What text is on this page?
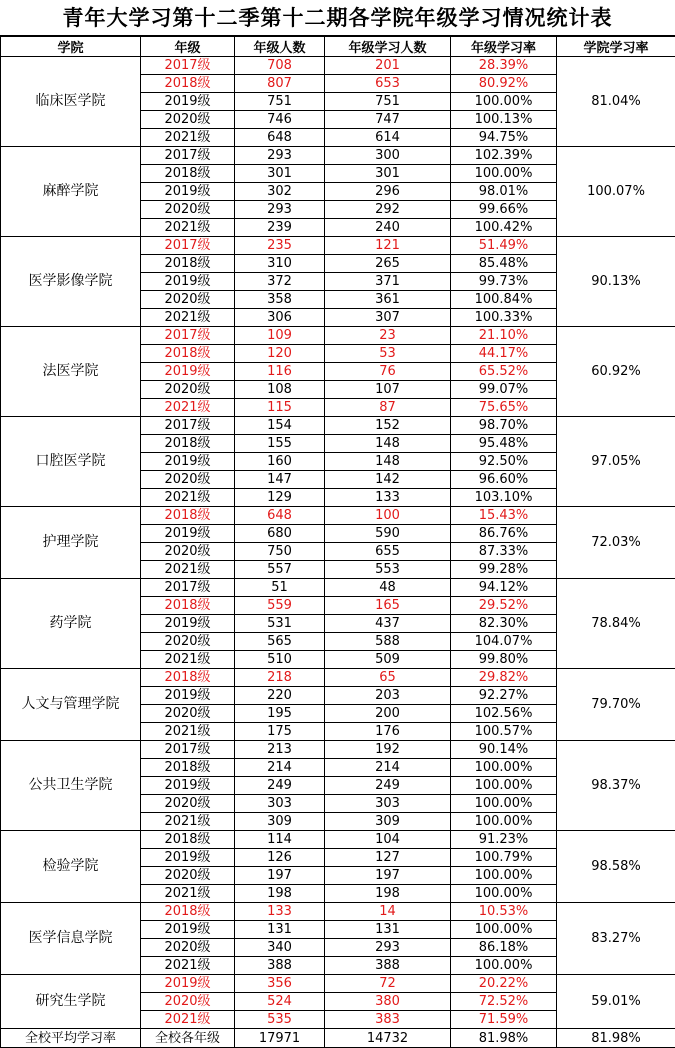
青年大学习第十二季第十二期各学院年级学习情况统计表
学院	年级	年级人数	年级学习人数	年级学习率	学院学习率
临床医学院	2017级	708	201	28.39%	81.04%
	2018级	807	653	80.92%	
	2019级	751	751	100.00%	
	2020级	746	747	100.13%	
	2021级	648	614	94.75%	
麻醉学院	2017级	293	300	102.39%	100.07%
	2018级	301	301	100.00%	
	2019级	302	296	98.01%	
	2020级	293	292	99.66%	
	2021级	239	240	100.42%	
医学影像学院	2017级	235	121	51.49%	90.13%
	2018级	310	265	85.48%	
	2019级	372	371	99.73%	
	2020级	358	361	100.84%	
	2021级	306	307	100.33%	
法医学院	2017级	109	23	21.10%	60.92%
	2018级	120	53	44.17%	
	2019级	116	76	65.52%	
	2020级	108	107	99.07%	
	2021级	115	87	75.65%	
口腔医学院	2017级	154	152	98.70%	97.05%
	2018级	155	148	95.48%	
	2019级	160	148	92.50%	
	2020级	147	142	96.60%	
	2021级	129	133	103.10%	
护理学院	2018级	648	100	15.43%	72.03%
	2019级	680	590	86.76%	
	2020级	750	655	87.33%	
	2021级	557	553	99.28%	
药学院	2017级	51	48	94.12%	78.84%
	2018级	559	165	29.52%	
	2019级	531	437	82.30%	
	2020级	565	588	104.07%	
	2021级	510	509	99.80%	
人文与管理学院	2018级	218	65	29.82%	79.70%
	2019级	220	203	92.27%	
	2020级	195	200	102.56%	
	2021级	175	176	100.57%	
公共卫生学院	2017级	213	192	90.14%	98.37%
	2018级	214	214	100.00%	
	2019级	249	249	100.00%	
	2020级	303	303	100.00%	
	2021级	309	309	100.00%	
检验学院	2018级	114	104	91.23%	98.58%
	2019级	126	127	100.79%	
	2020级	197	197	100.00%	
	2021级	198	198	100.00%	
医学信息学院	2018级	133	14	10.53%	83.27%
	2019级	131	131	100.00%	
	2020级	340	293	86.18%	
	2021级	388	388	100.00%	
研究生学院	2019级	356	72	20.22%	59.01%
	2020级	524	380	72.52%	
	2021级	535	383	71.59%	
全校平均学习率	全校各年级	17971	14732	81.98%	81.98%
